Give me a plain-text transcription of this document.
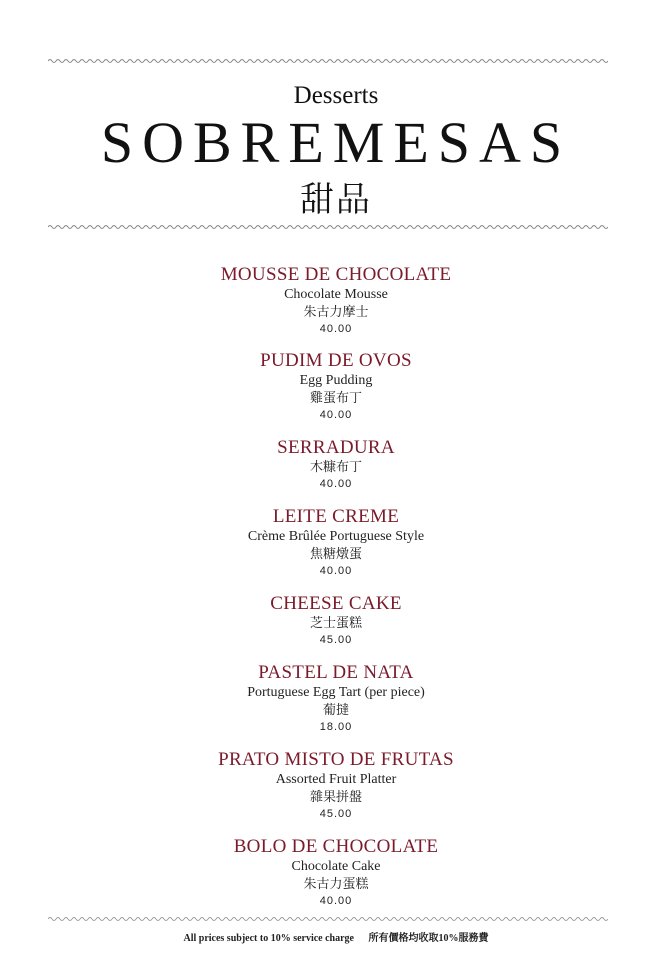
Desserts
SOBREMESAS
甜品
MOUSSE DE CHOCOLATE
Chocolate Mousse
朱古力摩士
40.00
PUDIM DE OVOS
Egg Pudding
雞蛋布丁
40.00
SERRADURA
木糠布丁
40.00
LEITE CREME
Crème Brûlée Portuguese Style
焦糖燉蛋
40.00
CHEESE CAKE
芝士蛋糕
45.00
PASTEL DE NATA
Portuguese Egg Tart (per piece)
葡撻
18.00
PRATO MISTO DE FRUTAS
Assorted Fruit Platter
雜果拼盤
45.00
BOLO DE CHOCOLATE
Chocolate Cake
朱古力蛋糕
40.00
All prices subject to 10% service charge 所有價格均收取10%服務費
